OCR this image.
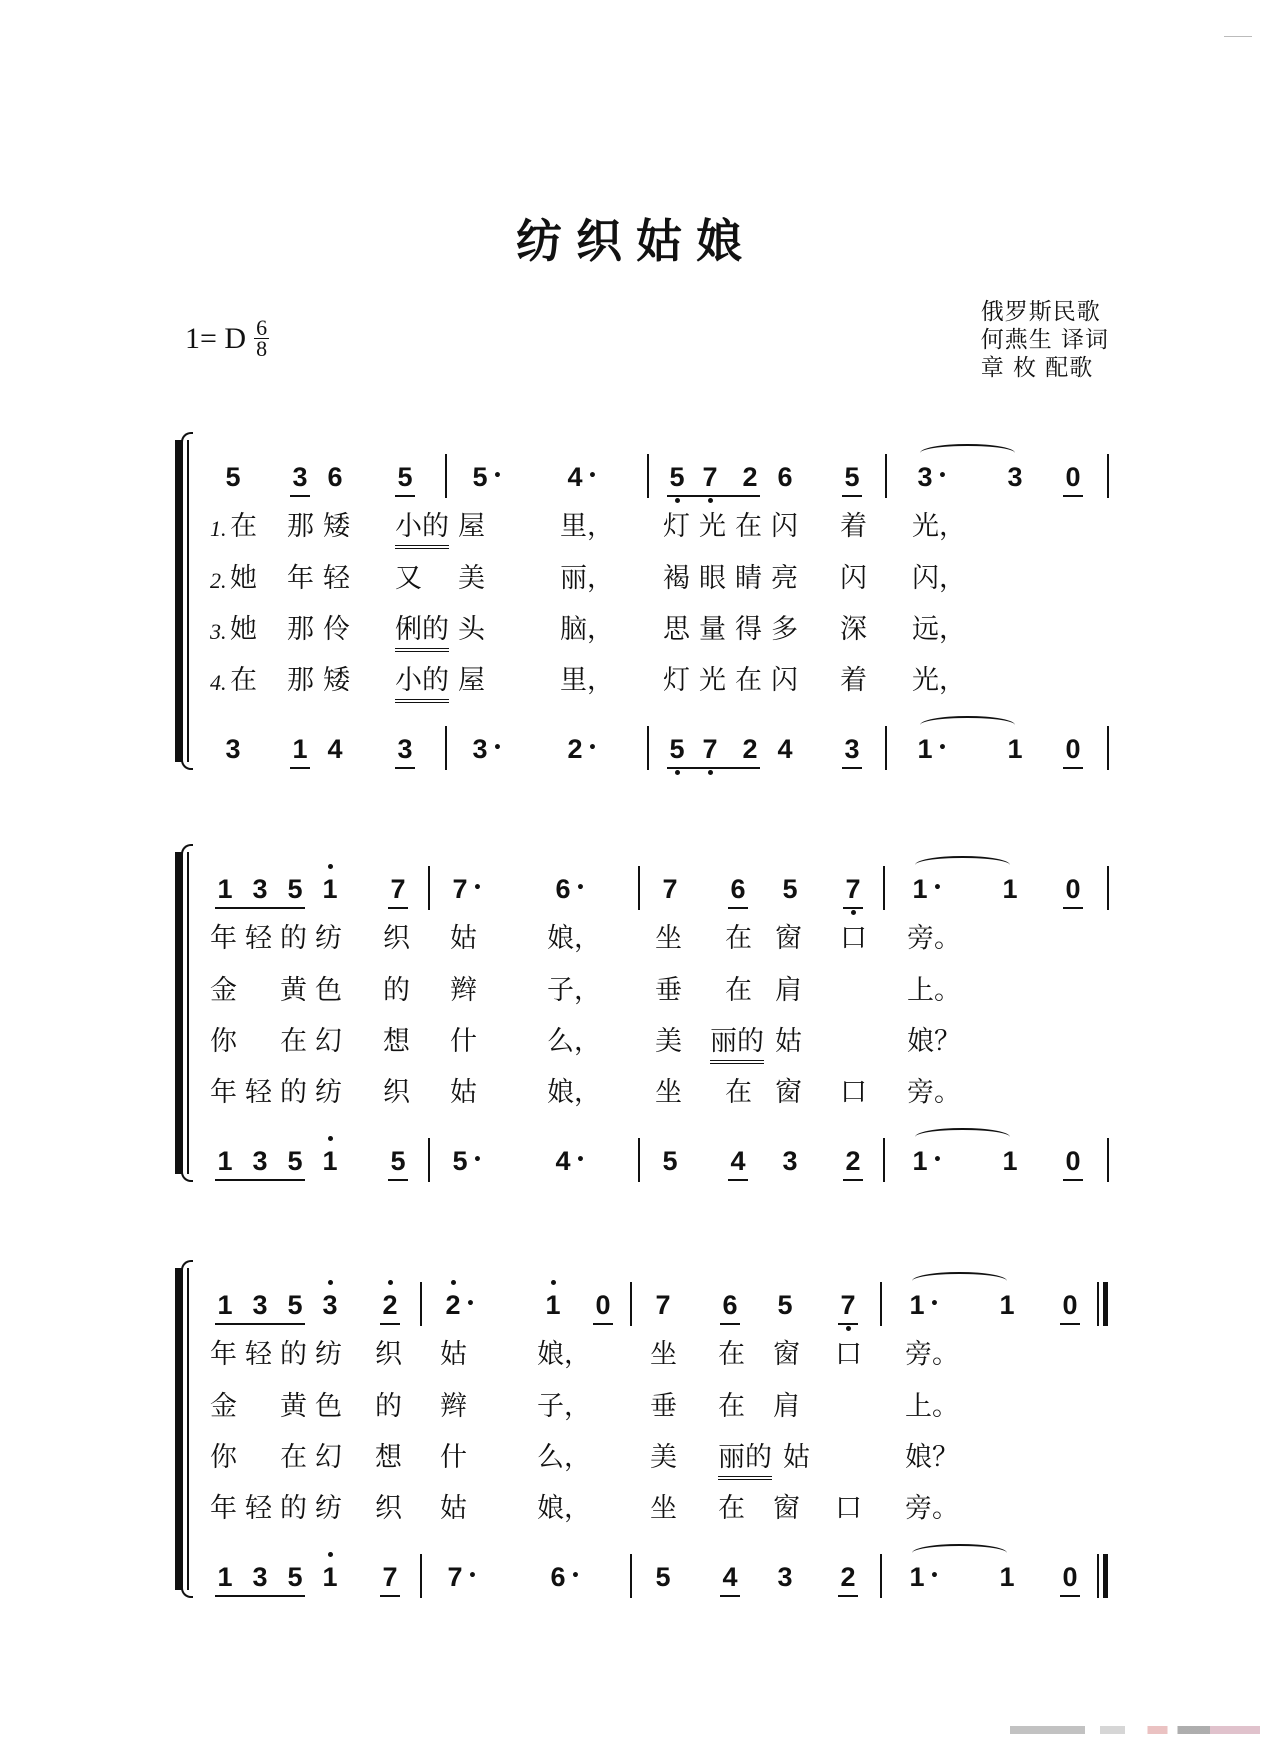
纺织姑娘
1= D $\frac{6}{8}$
俄罗斯民歌
何燕生 译词
章 枚 配歌
5 3 6 5 5 • 4 •	5 7 2 6 5 3 • 3 0
1. 在 那 矮 小的 屋	里， 灯 光 在 闪 着 光，
2. 她 年 轻 又 美	丽， 褐 眼 睛 亮 闪 闪，
3. 她 那 伶 俐的 头	脑， 思 量 得 多 深 远，
4. 在 那 矮 小的 屋	里， 灯 光 在 闪 着 光，
3 1 4 3 3 • 2 •	5 7 2 4 3 1 • 1 0
1 3 5 1 7 7 •	6 •	7 6 5 7 1 • 1 0
年 轻 的 纺 织 姑	娘， 坐 在 窗 口 旁。
金 黄 色 的 辫	子， 垂 在 肩	上。
你 在 幻 想 什	么， 美 丽的 姑	娘？
年 轻 的 纺 织 姑	娘， 坐 在 窗 口 旁。
1 3 5 1 5 5 •	4 •	5 4 3 2 1 • 1 0
1 3 5 3 2 2 •	1 0 7 6 5 7 1 • 1 0
年 轻 的 纺 织 姑	娘， 坐 在 窗 口 旁。
金 黄 色 的 辫	子， 垂 在 肩	上。
你 在 幻 想 什	么， 美 丽的 姑	娘？
年 轻 的 纺 织 姑	娘， 坐 在 窗 口 旁。
1 3 5 1 7 7 •	6 •	5 4 3 2 1 • 1 0
